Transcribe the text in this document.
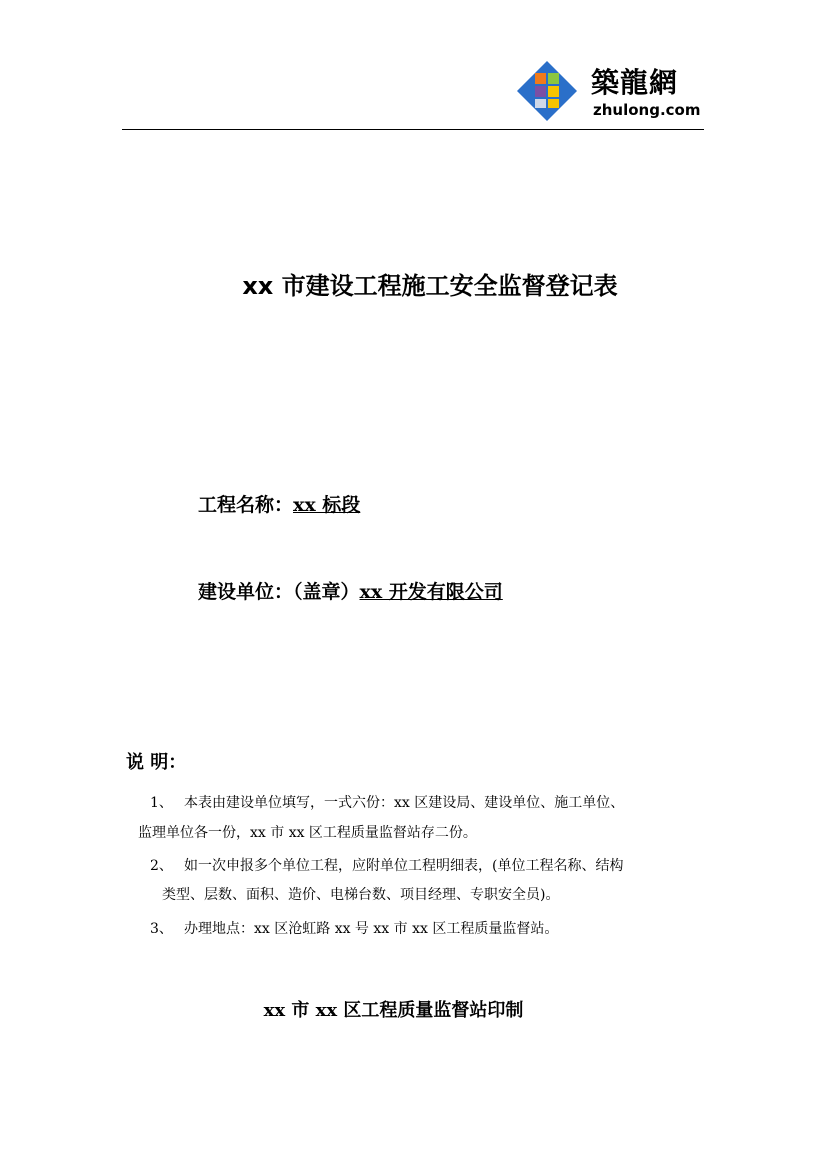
築龍網
zhulong.com
xx 市建设工程施工安全监督登记表
工程名称：xx 标段
建设单位：（盖章）xx 开发有限公司
说 明：
1、 本表由建设单位填写，一式六份：xx 区建设局、建设单位、施工单位、
监理单位各一份，xx 市 xx 区工程质量监督站存二份。
2、 如一次申报多个单位工程，应附单位工程明细表，(单位工程名称、结构
类型、层数、面积、造价、电梯台数、项目经理、专职安全员)。
3、 办理地点：xx 区沧虹路 xx 号 xx 市 xx 区工程质量监督站。
xx 市 xx 区工程质量监督站印制
